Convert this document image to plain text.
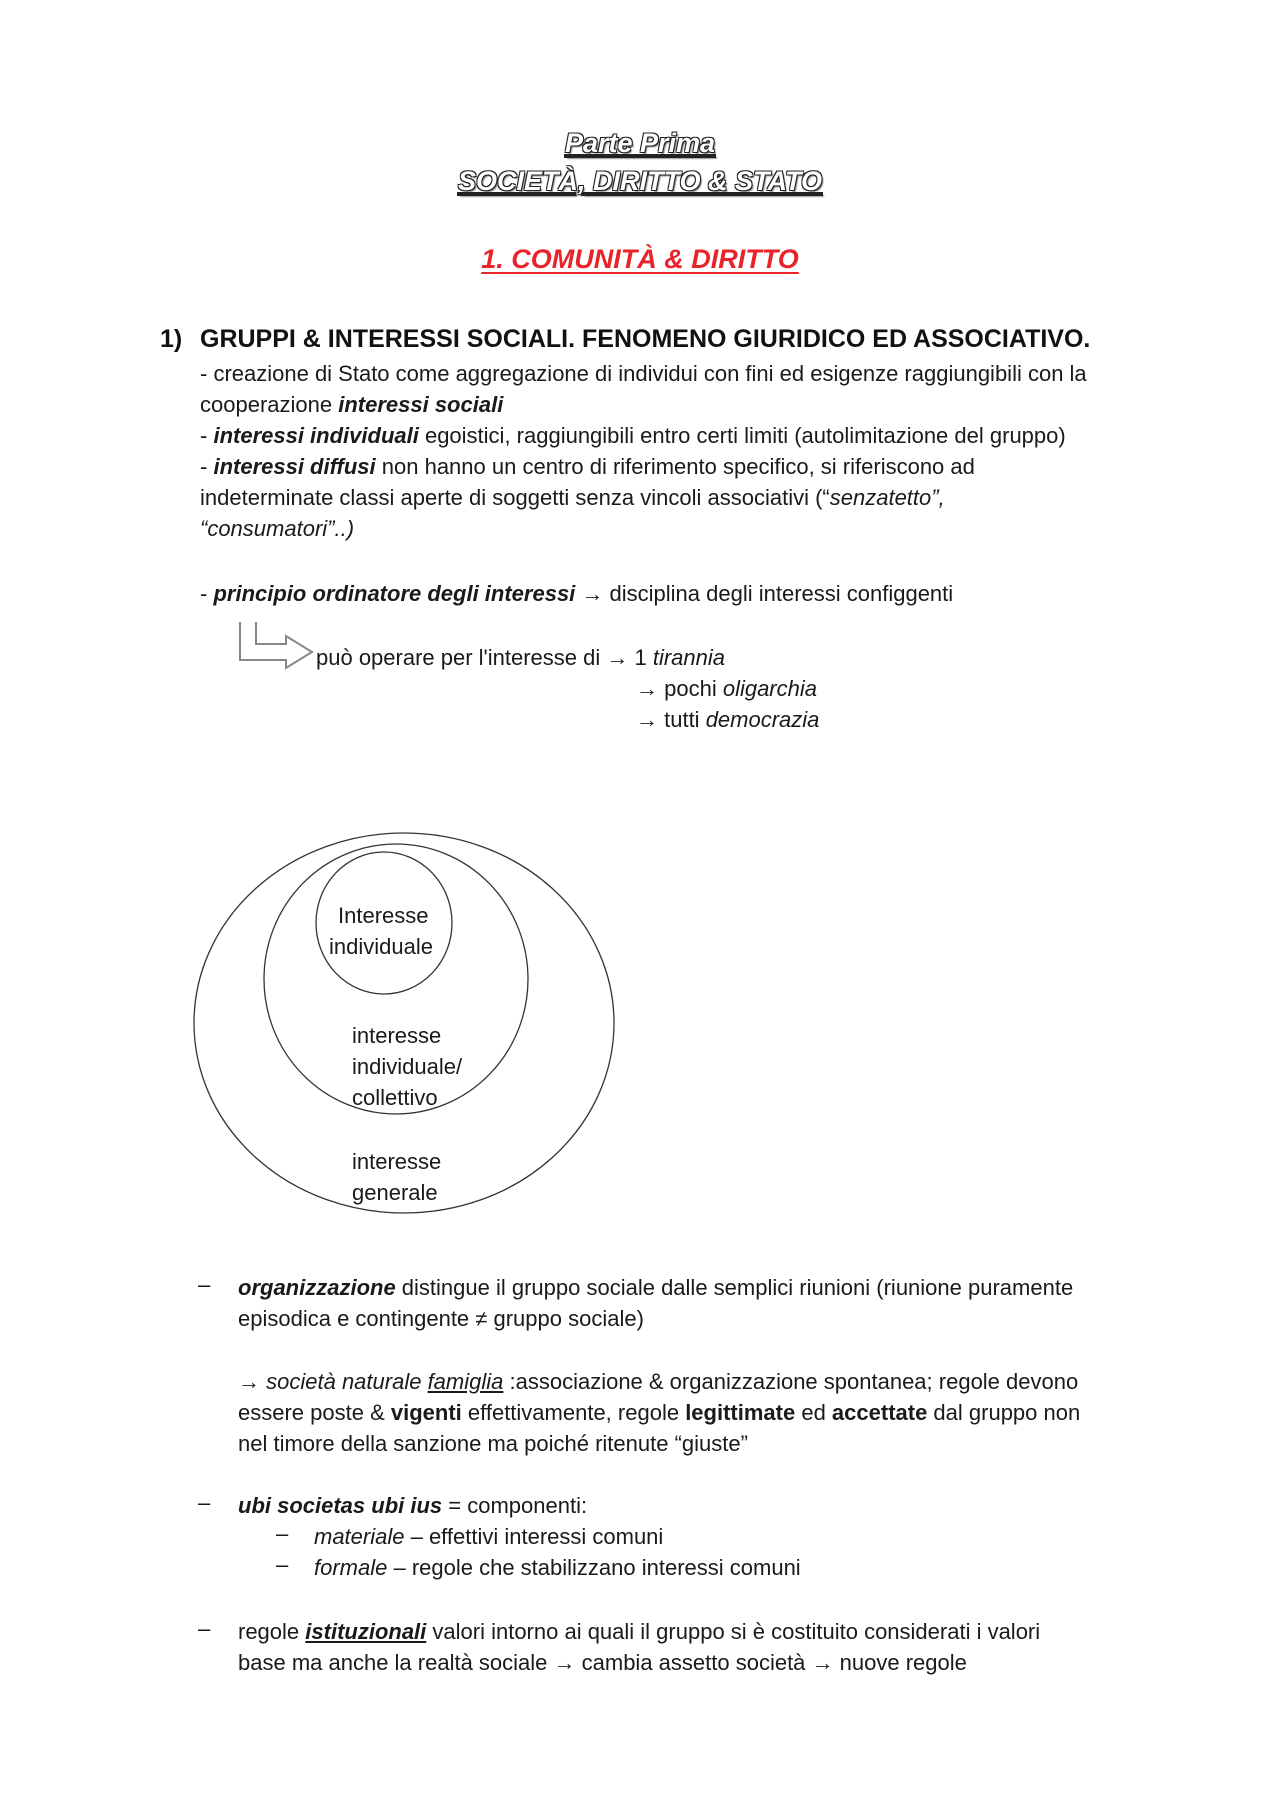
Parte Prima
SOCIETÀ, DIRITTO & STATO
1. COMUNITÀ & DIRITTO
1) GRUPPI & INTERESSI SOCIALI. FENOMENO GIURIDICO ED ASSOCIATIVO.
- creazione di Stato come aggregazione di individui con fini ed esigenze raggiungibili con la
cooperazione interessi sociali
- interessi individuali egoistici, raggiungibili entro certi limiti (autolimitazione del gruppo)
- interessi diffusi non hanno un centro di riferimento specifico, si riferiscono ad
indeterminate classi aperte di soggetti senza vincoli associativi (“senzatetto”,
“consumatori”..)
- principio ordinatore degli interessi → disciplina degli interessi configgenti
può operare per l'interesse di → 1 tirannia
→ pochi oligarchia
→ tutti democrazia
Interesse
individuale
interesse
individuale/
collettivo
interesse
generale
– organizzazione distingue il gruppo sociale dalle semplici riunioni (riunione puramente
episodica e contingente ≠ gruppo sociale)
→ società naturale famiglia :associazione & organizzazione spontanea; regole devono
essere poste & vigenti effettivamente, regole legittimate ed accettate dal gruppo non
nel timore della sanzione ma poiché ritenute “giuste”
– ubi societas ubi ius = componenti:
– materiale – effettivi interessi comuni
– formale – regole che stabilizzano interessi comuni
– regole istituzionali valori intorno ai quali il gruppo si è costituito considerati i valori
base ma anche la realtà sociale → cambia assetto società → nuove regole
